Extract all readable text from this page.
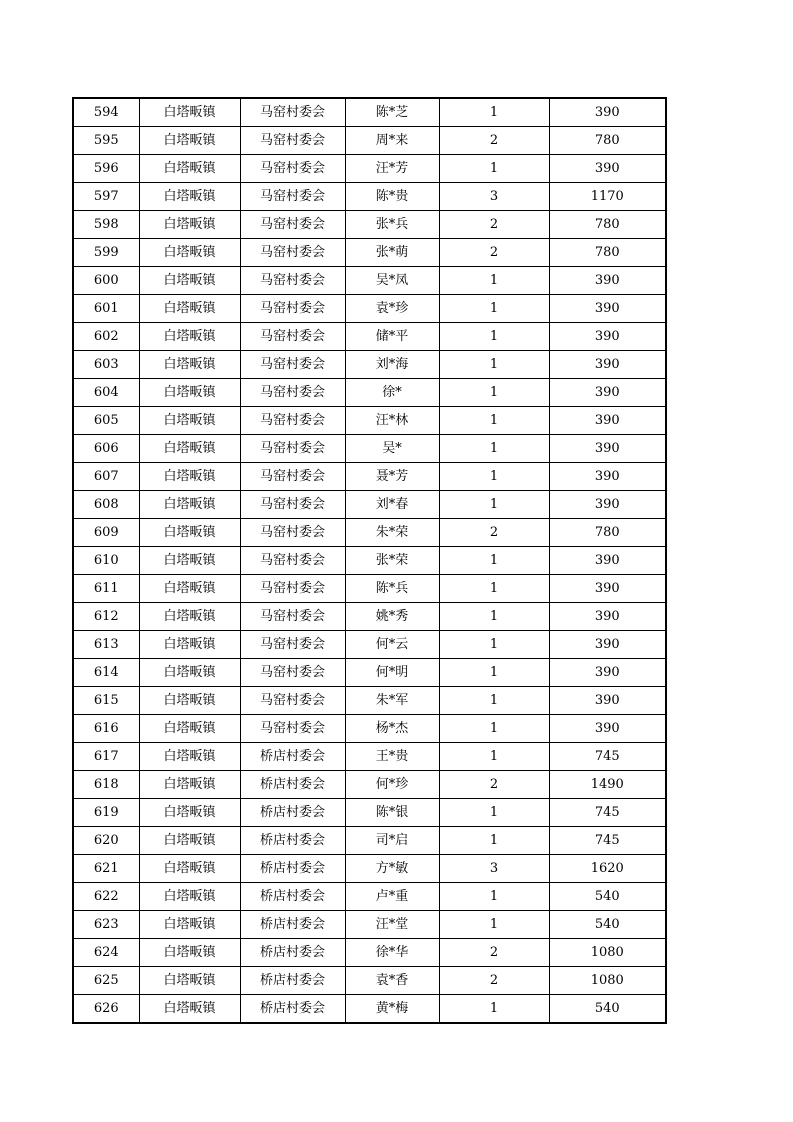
594	白塔畈镇	马窑村委会	陈*芝	1	390
595	白塔畈镇	马窑村委会	周*来	2	780
596	白塔畈镇	马窑村委会	汪*芳	1	390
597	白塔畈镇	马窑村委会	陈*贵	3	1170
598	白塔畈镇	马窑村委会	张*兵	2	780
599	白塔畈镇	马窑村委会	张*萌	2	780
600	白塔畈镇	马窑村委会	吴*凤	1	390
601	白塔畈镇	马窑村委会	袁*珍	1	390
602	白塔畈镇	马窑村委会	储*平	1	390
603	白塔畈镇	马窑村委会	刘*海	1	390
604	白塔畈镇	马窑村委会	徐*	1	390
605	白塔畈镇	马窑村委会	汪*林	1	390
606	白塔畈镇	马窑村委会	吴*	1	390
607	白塔畈镇	马窑村委会	聂*芳	1	390
608	白塔畈镇	马窑村委会	刘*春	1	390
609	白塔畈镇	马窑村委会	朱*荣	2	780
610	白塔畈镇	马窑村委会	张*荣	1	390
611	白塔畈镇	马窑村委会	陈*兵	1	390
612	白塔畈镇	马窑村委会	姚*秀	1	390
613	白塔畈镇	马窑村委会	何*云	1	390
614	白塔畈镇	马窑村委会	何*明	1	390
615	白塔畈镇	马窑村委会	朱*军	1	390
616	白塔畈镇	马窑村委会	杨*杰	1	390
617	白塔畈镇	桥店村委会	王*贵	1	745
618	白塔畈镇	桥店村委会	何*珍	2	1490
619	白塔畈镇	桥店村委会	陈*银	1	745
620	白塔畈镇	桥店村委会	司*启	1	745
621	白塔畈镇	桥店村委会	方*敏	3	1620
622	白塔畈镇	桥店村委会	卢*重	1	540
623	白塔畈镇	桥店村委会	汪*堂	1	540
624	白塔畈镇	桥店村委会	徐*华	2	1080
625	白塔畈镇	桥店村委会	袁*香	2	1080
626	白塔畈镇	桥店村委会	黄*梅	1	540
